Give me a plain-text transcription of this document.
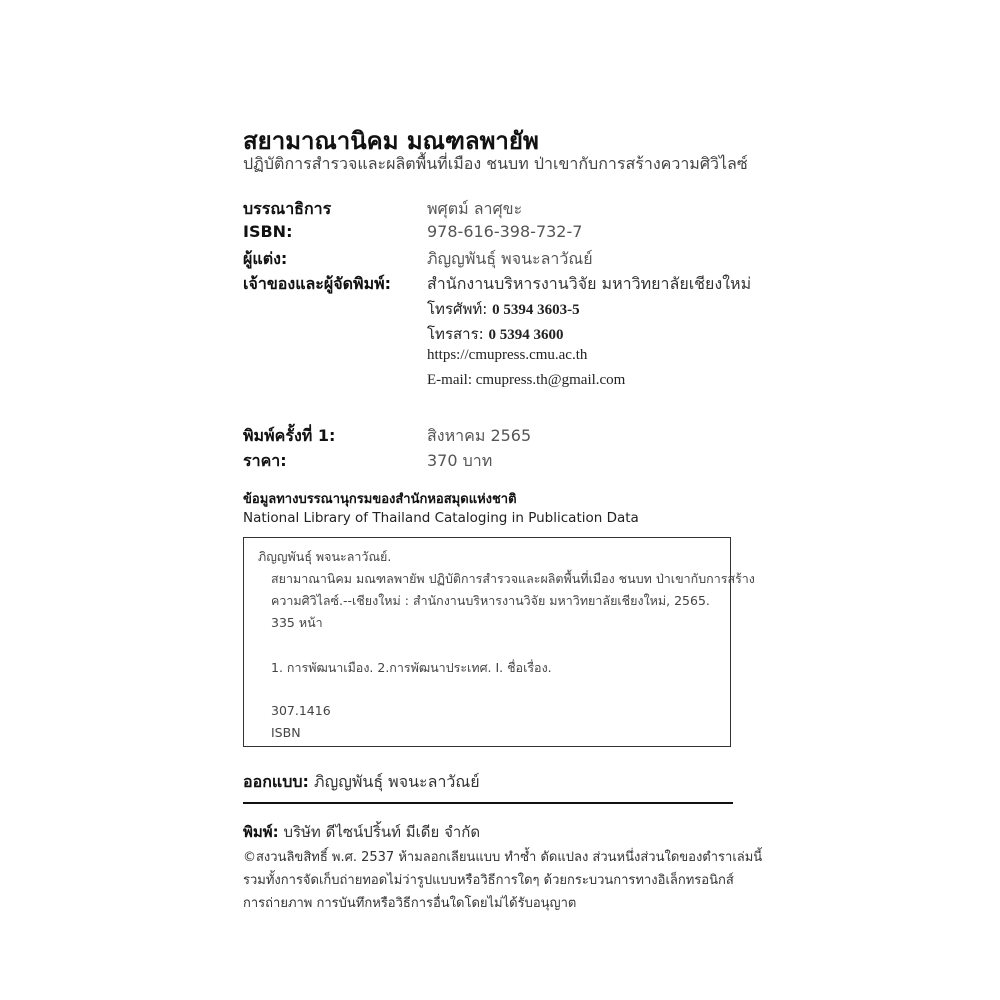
สยามาณานิคม มณฑลพายัพ
ปฏิบัติการสำรวจและผลิตพื้นที่เมือง ชนบท ป่าเขากับการสร้างความศิวิไลซ์
บรรณาธิการ	พศุตม์ ลาศุขะ
ISBN:	978-616-398-732-7
ผู้แต่ง:	ภิญญพันธุ์ พจนะลาวัณย์
เจ้าของและผู้จัดพิมพ์: สำนักงานบริหารงานวิจัย มหาวิทยาลัยเชียงใหม่
โทรศัพท์: 0 5394 3603-5
โทรสาร: 0 5394 3600
https://cmupress.cmu.ac.th
E-mail: cmupress.th@gmail.com
พิมพ์ครั้งที่ 1:	สิงหาคม 2565
ราคา:	370 บาท
ข้อมูลทางบรรณานุกรมของสำนักหอสมุดแห่งชาติ
National Library of Thailand Cataloging in Publication Data
ภิญญพันธุ์ พจนะลาวัณย์.
สยามาณานิคม มณฑลพายัพ ปฏิบัติการสำรวจและผลิตพื้นที่เมือง ชนบท ป่าเขากับการสร้าง
ความศิวิไลซ์.--เชียงใหม่ : สำนักงานบริหารงานวิจัย มหาวิทยาลัยเชียงใหม่, 2565.
335 หน้า
1. การพัฒนาเมือง. 2.การพัฒนาประเทศ. I. ชื่อเรื่อง.
307.1416
ISBN
ออกแบบ: ภิญญพันธุ์ พจนะลาวัณย์
พิมพ์: บริษัท ดีไซน์ปริ้นท์ มีเดีย จำกัด
©สงวนลิขสิทธิ์ พ.ศ. 2537 ห้ามลอกเลียนแบบ ทำซ้ำ ดัดแปลง ส่วนหนึ่งส่วนใดของตำราเล่มนี้
รวมทั้งการจัดเก็บถ่ายทอดไม่ว่ารูปแบบหรือวิธีการใดๆ ด้วยกระบวนการทางอิเล็กทรอนิกส์
การถ่ายภาพ การบันทึกหรือวิธีการอื่นใดโดยไม่ได้รับอนุญาต
